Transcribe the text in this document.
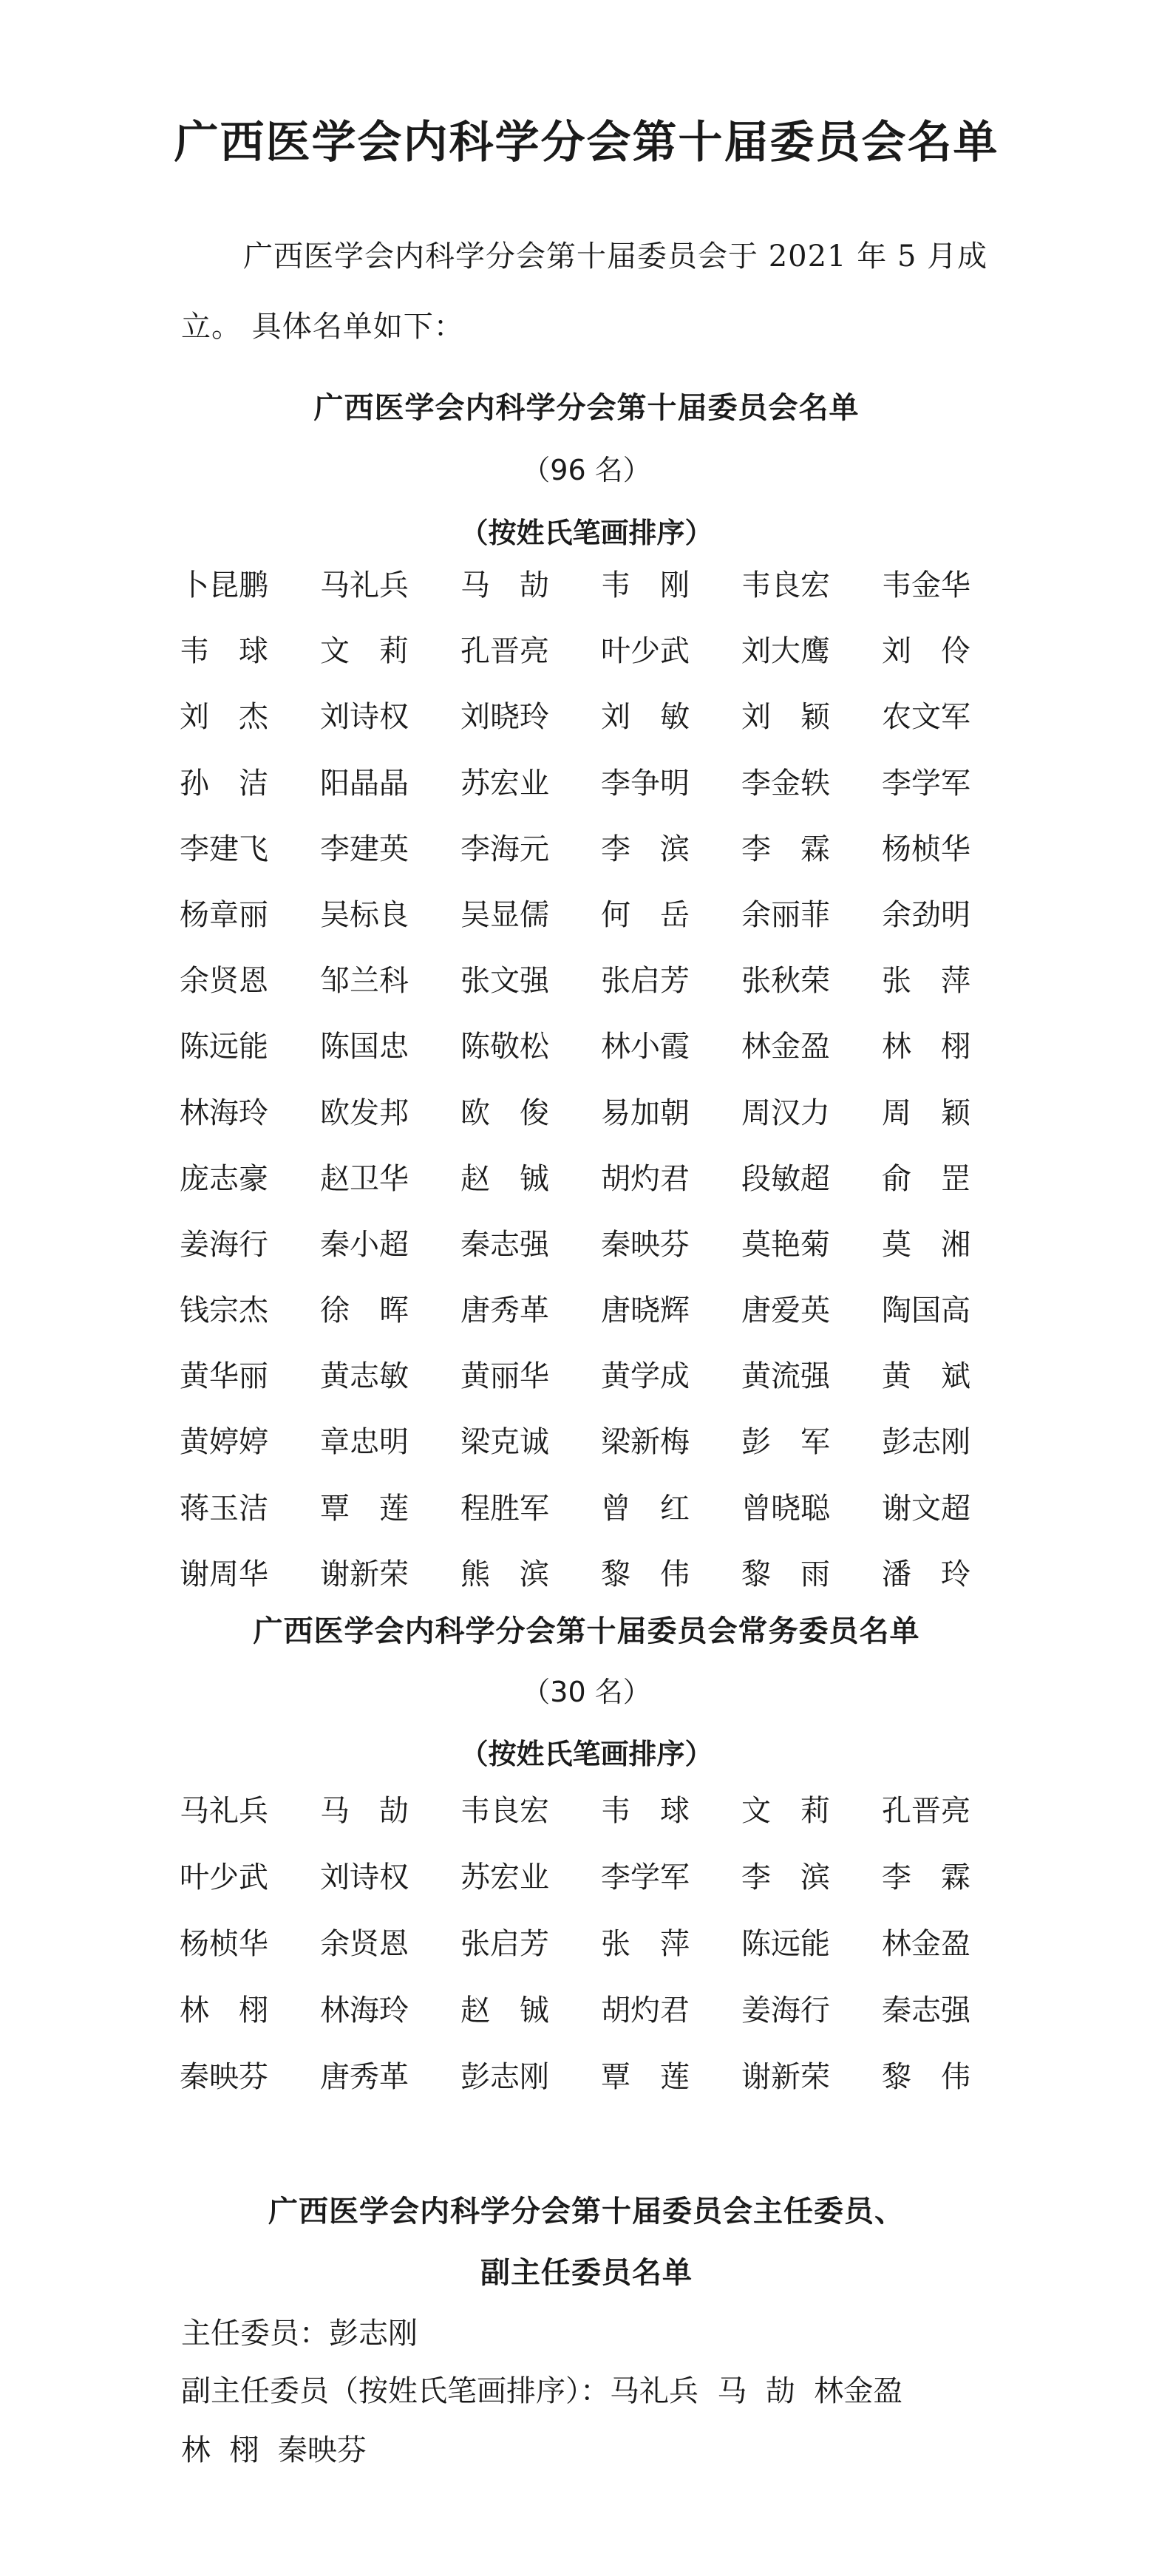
广西医学会内科学分会第十届委员会名单
广西医学会内科学分会第十届委员会于 2021 年 5 月成立。 具体名单如下：
广西医学会内科学分会第十届委员会名单
（96 名）
（按姓氏笔画排序）
卜昆鹏	马礼兵	马　劼	韦　刚	韦良宏	韦金华
韦　球	文　莉	孔晋亮	叶少武	刘大鹰	刘　伶
刘　杰	刘诗权	刘晓玲	刘　敏	刘　颖	农文军
孙　洁	阳晶晶	苏宏业	李争明	李金轶	李学军
李建飞	李建英	李海元	李　滨	李　霖	杨桢华
杨章丽	吴标良	吴显儒	何　岳	余丽菲	余劲明
余贤恩	邹兰科	张文强	张启芳	张秋荣	张　萍
陈远能	陈国忠	陈敬松	林小霞	林金盈	林　栩
林海玲	欧发邦	欧　俊	易加朝	周汉力	周　颖
庞志豪	赵卫华	赵　铖	胡灼君	段敏超	俞　罡
姜海行	秦小超	秦志强	秦映芬	莫艳菊	莫　湘
钱宗杰	徐　晖	唐秀革	唐晓辉	唐爱英	陶国高
黄华丽	黄志敏	黄丽华	黄学成	黄流强	黄　斌
黄婷婷	章忠明	梁克诚	梁新梅	彭　军	彭志刚
蒋玉洁	覃　莲	程胜军	曾　红	曾晓聪	谢文超
谢周华	谢新荣	熊　滨	黎　伟	黎　雨	潘　玲
广西医学会内科学分会第十届委员会常务委员名单
（30 名）
（按姓氏笔画排序）
马礼兵	马　劼	韦良宏	韦　球	文　莉	孔晋亮
叶少武	刘诗权	苏宏业	李学军	李　滨	李　霖
杨桢华	余贤恩	张启芳	张　萍	陈远能	林金盈
林　栩	林海玲	赵　铖	胡灼君	姜海行	秦志强
秦映芬	唐秀革	彭志刚	覃　莲	谢新荣	黎　伟
广西医学会内科学分会第十届委员会主任委员、
副主任委员名单
主任委员：彭志刚
副主任委员（按姓氏笔画排序）：马礼兵  马  劼  林金盈
林  栩  秦映芬
